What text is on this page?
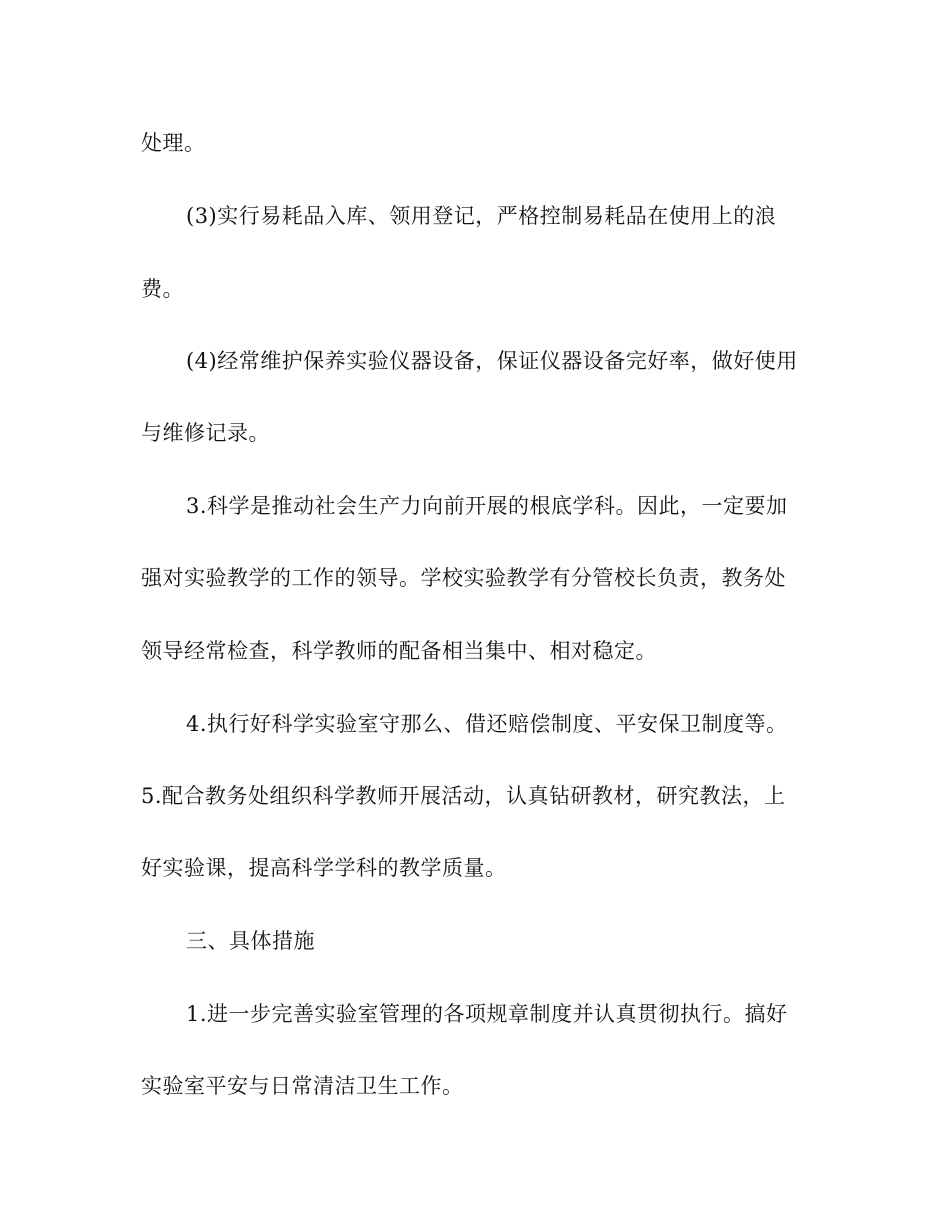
处理。
(3)实行易耗品入库、领用登记，严格控制易耗品在使用上的浪
费。
(4)经常维护保养实验仪器设备，保证仪器设备完好率，做好使用
与维修记录。
3.科学是推动社会生产力向前开展的根底学科。因此，一定要加
强对实验教学的工作的领导。学校实验教学有分管校长负责，教务处
领导经常检查，科学教师的配备相当集中、相对稳定。
4.执行好科学实验室守那么、借还赔偿制度、平安保卫制度等。
5.配合教务处组织科学教师开展活动，认真钻研教材，研究教法，上
好实验课，提高科学学科的教学质量。
三、具体措施
1.进一步完善实验室管理的各项规章制度并认真贯彻执行。搞好
实验室平安与日常清洁卫生工作。
